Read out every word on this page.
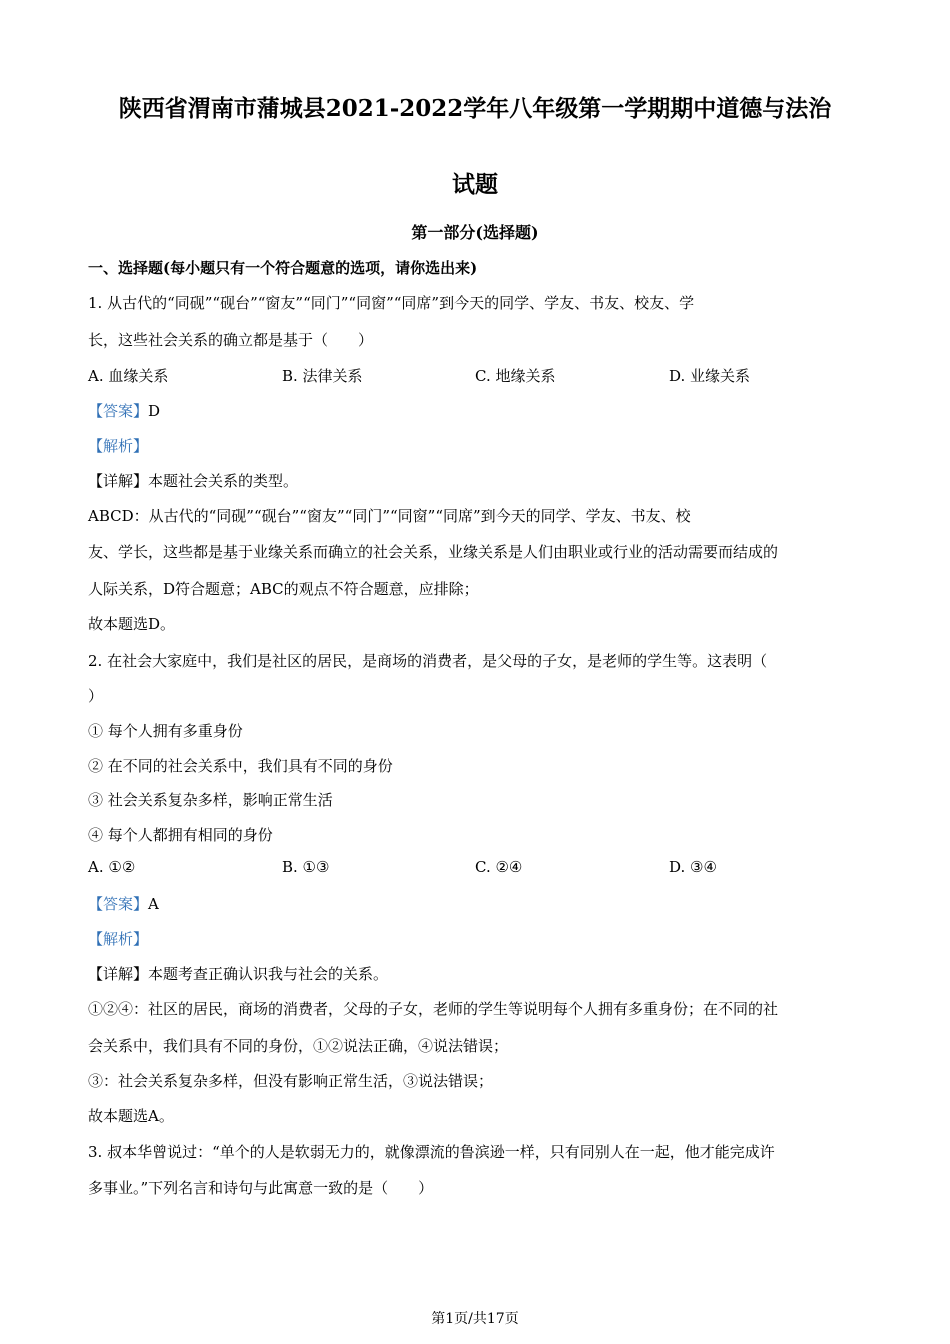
陕西省渭南市蒲城县2021-2022学年八年级第一学期期中道德与法治
试题
第一部分(选择题)
一、选择题(每小题只有一个符合题意的选项，请你选出来)
1. 从古代的“同砚”“砚台”“窗友”“同门”“同窗”“同席”到今天的同学、学友、书友、校友、学
长，这些社会关系的确立都是基于（　　）
A. 血缘关系	B. 法律关系	C. 地缘关系	D. 业缘关系
【答案】D
【解析】
【详解】本题社会关系的类型。
ABCD：从古代的“同砚”“砚台”“窗友”“同门”“同窗”“同席”到今天的同学、学友、书友、校
友、学长，这些都是基于业缘关系而确立的社会关系，业缘关系是人们由职业或行业的活动需要而结成的
人际关系，D符合题意；ABC的观点不符合题意，应排除；
故本题选D。
2. 在社会大家庭中，我们是社区的居民，是商场的消费者，是父母的子女，是老师的学生等。这表明（
）
① 每个人拥有多重身份
② 在不同的社会关系中，我们具有不同的身份
③ 社会关系复杂多样，影响正常生活
④ 每个人都拥有相同的身份
A. ①②	B. ①③	C. ②④	D. ③④
【答案】A
【解析】
【详解】本题考查正确认识我与社会的关系。
①②④：社区的居民，商场的消费者，父母的子女，老师的学生等说明每个人拥有多重身份；在不同的社
会关系中，我们具有不同的身份，①②说法正确，④说法错误；
③：社会关系复杂多样，但没有影响正常生活，③说法错误；
故本题选A。
3. 叔本华曾说过：“单个的人是软弱无力的，就像漂流的鲁滨逊一样，只有同别人在一起，他才能完成许
多事业。”下列名言和诗句与此寓意一致的是（　　）
第1页/共17页
